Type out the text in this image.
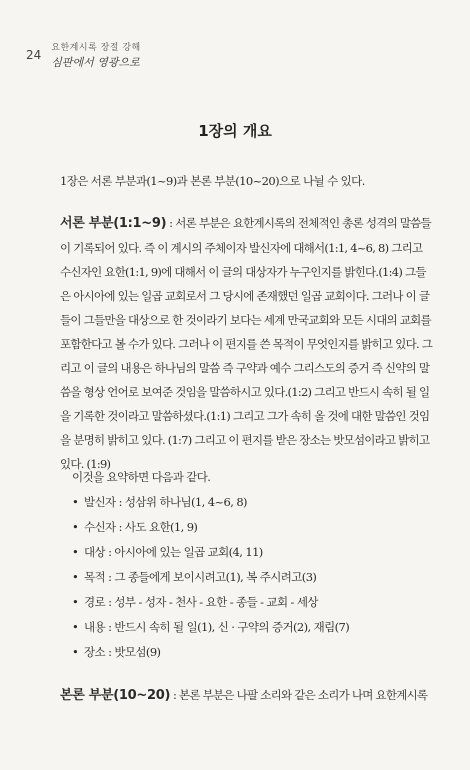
24 요한계시록 장절 강해
심판에서 영광으로
1장의 개요
1장은 서론 부분과(1~9)과 본론 부분(10~20)으로 나뉠 수 있다.

서론 부분(1:1~9) : 서론 부분은 요한계시록의 전체적인 총론 성격의 말씀들이 기록되어 있다. 즉 이 계시의 주체이자 발신자에 대해서(1:1, 4~6, 8) 그리고 수신자인 요한(1:1, 9)에 대해서 이 글의 대상자가 누구인지를 밝힌다.(1:4) 그들은 아시아에 있는 일곱 교회로서 그 당시에 존재했던 일곱 교회이다. 그러나 이 글들이 그들만을 대상으로 한 것이라기 보다는 세계 만국교회와 모든 시대의 교회를 포함한다고 볼 수가 있다. 그러나 이 편지를 쓴 목적이 무엇인지를 밝히고 있다. 그리고 이 글의 내용은 하나님의 말씀 즉 구약과 예수 그리스도의 증거 즉 신약의 말씀을 형상 언어로 보여준 것임을 말씀하시고 있다.(1:2) 그리고 반드시 속히 될 일을 기록한 것이라고 말씀하셨다.(1:1) 그리고 그가 속히 올 것에 대한 말씀인 것임을 분명히 밝히고 있다. (1:7) 그리고 이 편지를 받은 장소는 밧모섬이라고 밝히고 있다. (1:9)

이것을 요약하면 다음과 같다.
• 발신자 : 성삼위 하나님(1, 4~6, 8)
• 수신자 : 사도 요한(1, 9)
• 대상 : 아시아에 있는 일곱 교회(4, 11)
• 목적 : 그 종들에게 보이시려고(1), 복 주시려고(3)
• 경로 : 성부 - 성자 - 천사 - 요한 - 종들 - 교회 - 세상
• 내용 : 반드시 속히 될 일(1), 신 · 구약의 증거(2), 재림(7)
• 장소 : 밧모섬(9)

본론 부분(10~20) : 본론 부분은 나팔 소리와 같은 소리가 나며 요한계시록
